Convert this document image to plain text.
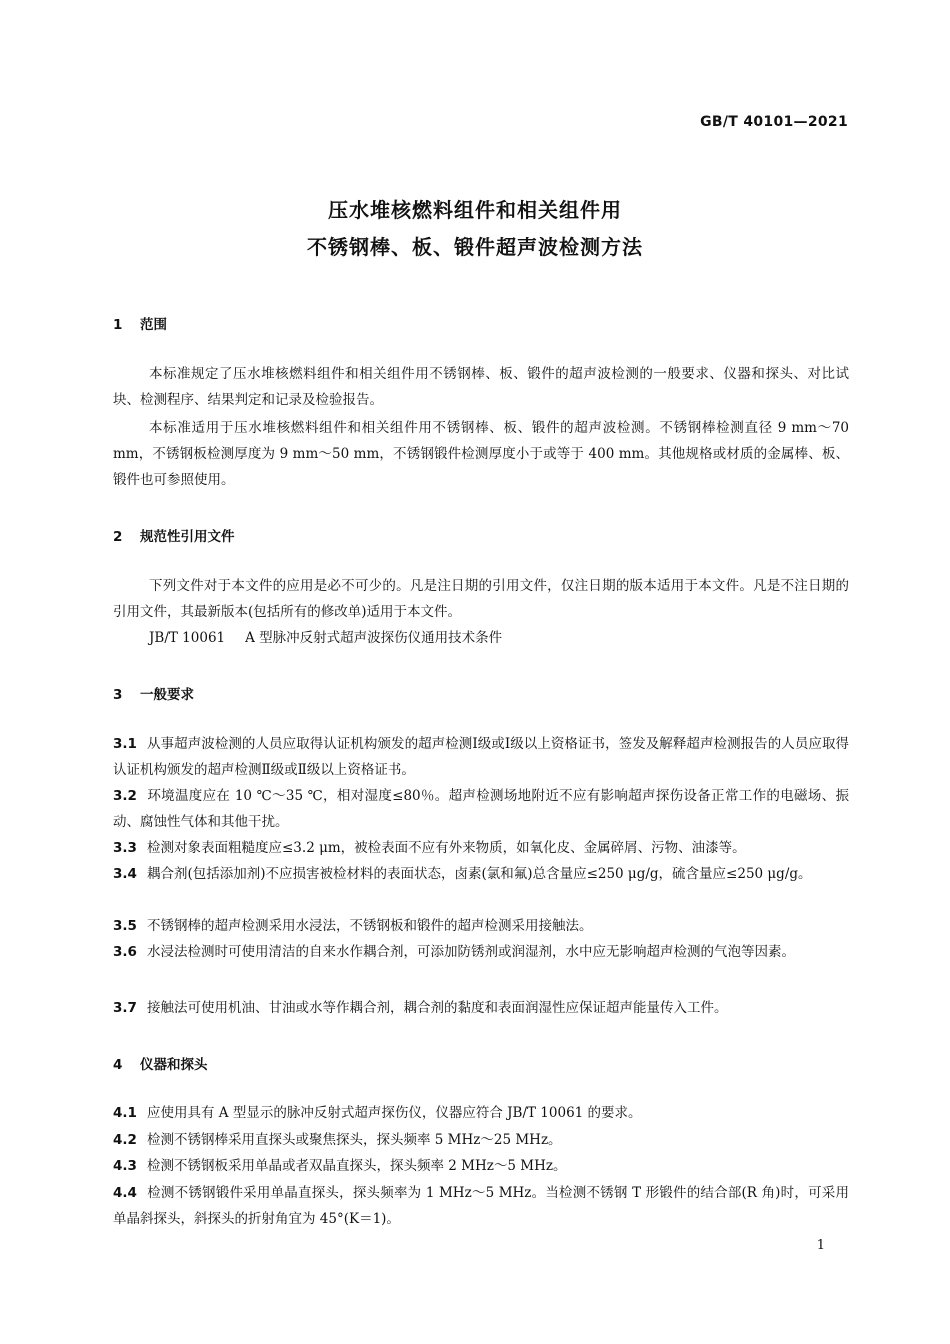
GB/T 40101—2021
压水堆核燃料组件和相关组件用
不锈钢棒、板、锻件超声波检测方法
1 范围
本标准规定了压水堆核燃料组件和相关组件用不锈钢棒、板、锻件的超声波检测的一般要求、仪器和探头、对比试块、检测程序、结果判定和记录及检验报告。
本标准适用于压水堆核燃料组件和相关组件用不锈钢棒、板、锻件的超声波检测。不锈钢棒检测直径 9 mm～70 mm，不锈钢板检测厚度为 9 mm～50 mm，不锈钢锻件检测厚度小于或等于 400 mm。其他规格或材质的金属棒、板、锻件也可参照使用。
2 规范性引用文件
下列文件对于本文件的应用是必不可少的。凡是注日期的引用文件，仅注日期的版本适用于本文件。凡是不注日期的引用文件，其最新版本(包括所有的修改单)适用于本文件。
JB/T 10061 A 型脉冲反射式超声波探伤仪通用技术条件
3 一般要求
3.1 从事超声波检测的人员应取得认证机构颁发的超声检测Ⅰ级或Ⅰ级以上资格证书，签发及解释超声检测报告的人员应取得认证机构颁发的超声检测Ⅱ级或Ⅱ级以上资格证书。
3.2 环境温度应在 10 ℃～35 ℃，相对湿度≤80％。超声检测场地附近不应有影响超声探伤设备正常工作的电磁场、振动、腐蚀性气体和其他干扰。
3.3 检测对象表面粗糙度应≤3.2 μm，被检表面不应有外来物质，如氧化皮、金属碎屑、污物、油漆等。
3.4 耦合剂(包括添加剂)不应损害被检材料的表面状态，卤素(氯和氟)总含量应≤250 μg/g，硫含量应≤250 μg/g。
3.5 不锈钢棒的超声检测采用水浸法，不锈钢板和锻件的超声检测采用接触法。
3.6 水浸法检测时可使用清洁的自来水作耦合剂，可添加防锈剂或润湿剂，水中应无影响超声检测的气泡等因素。
3.7 接触法可使用机油、甘油或水等作耦合剂，耦合剂的黏度和表面润湿性应保证超声能量传入工件。
4 仪器和探头
4.1 应使用具有 A 型显示的脉冲反射式超声探伤仪，仪器应符合 JB/T 10061 的要求。
4.2 检测不锈钢棒采用直探头或聚焦探头，探头频率 5 MHz～25 MHz。
4.3 检测不锈钢板采用单晶或者双晶直探头，探头频率 2 MHz～5 MHz。
4.4 检测不锈钢锻件采用单晶直探头，探头频率为 1 MHz～5 MHz。当检测不锈钢 T 形锻件的结合部(R 角)时，可采用单晶斜探头，斜探头的折射角宜为 45°(K＝1)。
1
